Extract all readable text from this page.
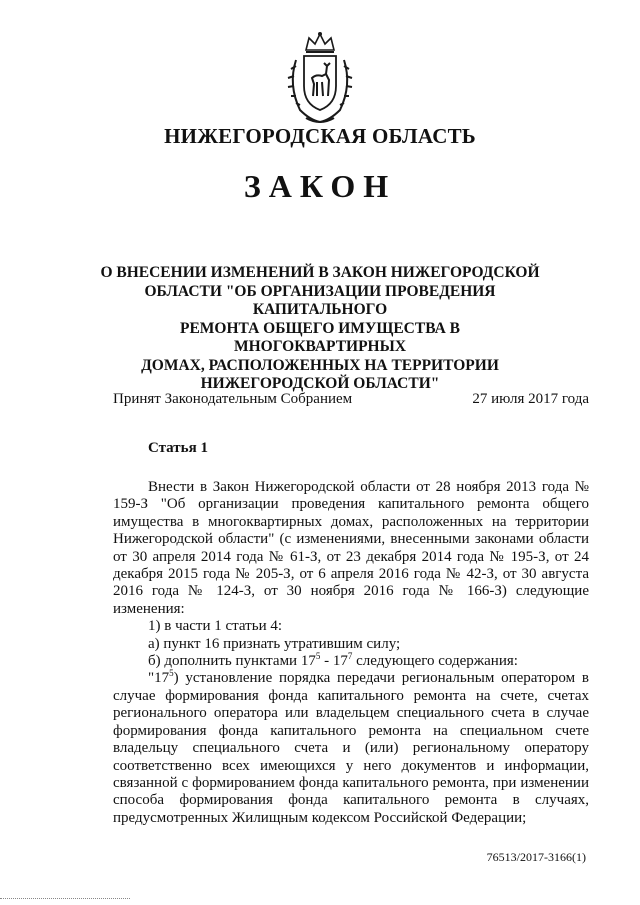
НИЖЕГОРОДСКАЯ ОБЛАСТЬ
ЗАКОН
О ВНЕСЕНИИ ИЗМЕНЕНИЙ В ЗАКОН НИЖЕГОРОДСКОЙ
ОБЛАСТИ "ОБ ОРГАНИЗАЦИИ ПРОВЕДЕНИЯ КАПИТАЛЬНОГО
РЕМОНТА ОБЩЕГО ИМУЩЕСТВА В МНОГОКВАРТИРНЫХ
ДОМАХ, РАСПОЛОЖЕННЫХ НА ТЕРРИТОРИИ
НИЖЕГОРОДСКОЙ ОБЛАСТИ"
Принят Законодательным Собранием	27 июля 2017 года
Статья 1

Внести в Закон Нижегородской области от 28 ноября 2013 года № 159-З "Об организации проведения капитального ремонта общего имущества в многоквартирных домах, расположенных на территории Нижегородской области" (с изменениями, внесенными законами области от 30 апреля 2014 года № 61-З, от 23 декабря 2014 года № 195-З, от 24 декабря 2015 года № 205-З, от 6 апреля 2016 года № 42-З, от 30 августа 2016 года № 124-З, от 30 ноября 2016 года № 166-З) следующие изменения:

1) в части 1 статьи 4:

а) пункт 16 признать утратившим силу;

б) дополнить пунктами $17^5 - 17^7$ следующего содержания:

"$17^5$) установление порядка передачи региональным оператором в случае формирования фонда капитального ремонта на счете, счетах регионального оператора или владельцем специального счета в случае формирования фонда капитального ремонта на специальном счете владельцу специального счета и (или) региональному оператору соответственно всех имеющихся у него документов и информации, связанной с формированием фонда капитального ремонта, при изменении способа формирования фонда капитального ремонта в случаях, предусмотренных Жилищным кодексом Российской Федерации;

76513/2017-3166(1)
